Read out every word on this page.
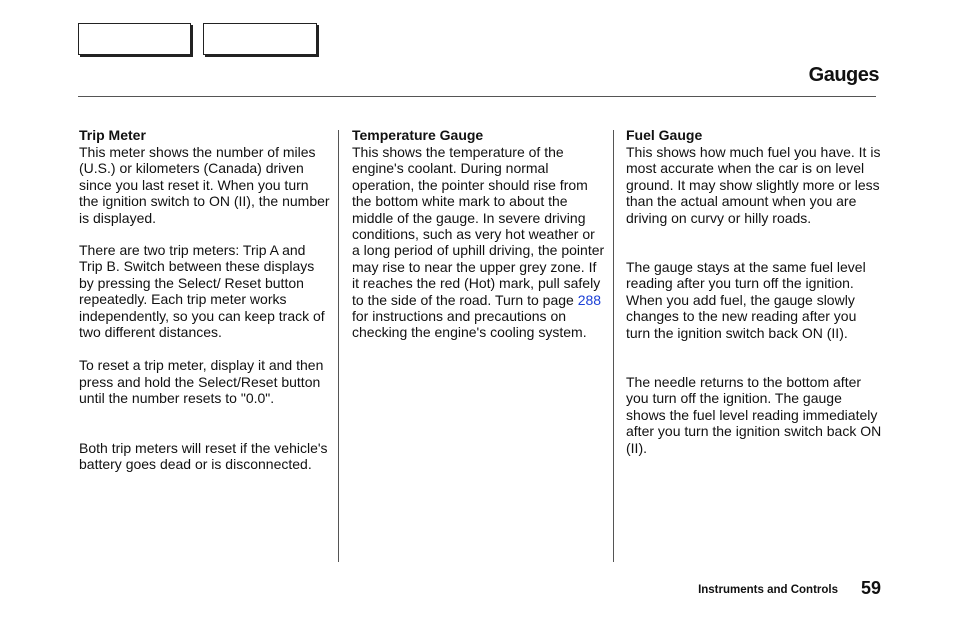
Gauges
Trip Meter

This meter shows the number of miles (U.S.) or kilometers (Canada) driven since you last reset it. When you turn the ignition switch to ON (II), the number is displayed.

There are two trip meters: Trip A and Trip B. Switch between these displays by pressing the Select/ Reset button repeatedly. Each trip meter works independently, so you can keep track of two different distances.

To reset a trip meter, display it and then press and hold the Select/Reset button until the number resets to "0.0".

Both trip meters will reset if the vehicle's battery goes dead or is disconnected.

Temperature Gauge

This shows the temperature of the engine's coolant. During normal operation, the pointer should rise from the bottom white mark to about the middle of the gauge. In severe driving conditions, such as very hot weather or a long period of uphill driving, the pointer may rise to near the upper grey zone. If it reaches the red (Hot) mark, pull safely to the side of the road. Turn to page 288 for instructions and precautions on checking the engine's cooling system.

Fuel Gauge

This shows how much fuel you have. It is most accurate when the car is on level ground. It may show slightly more or less than the actual amount when you are driving on curvy or hilly roads.

The gauge stays at the same fuel level reading after you turn off the ignition. When you add fuel, the gauge slowly changes to the new reading after you turn the ignition switch back ON (II).

The needle returns to the bottom after you turn off the ignition. The gauge shows the fuel level reading immediately after you turn the ignition switch back ON (II).

Instruments and Controls 59
